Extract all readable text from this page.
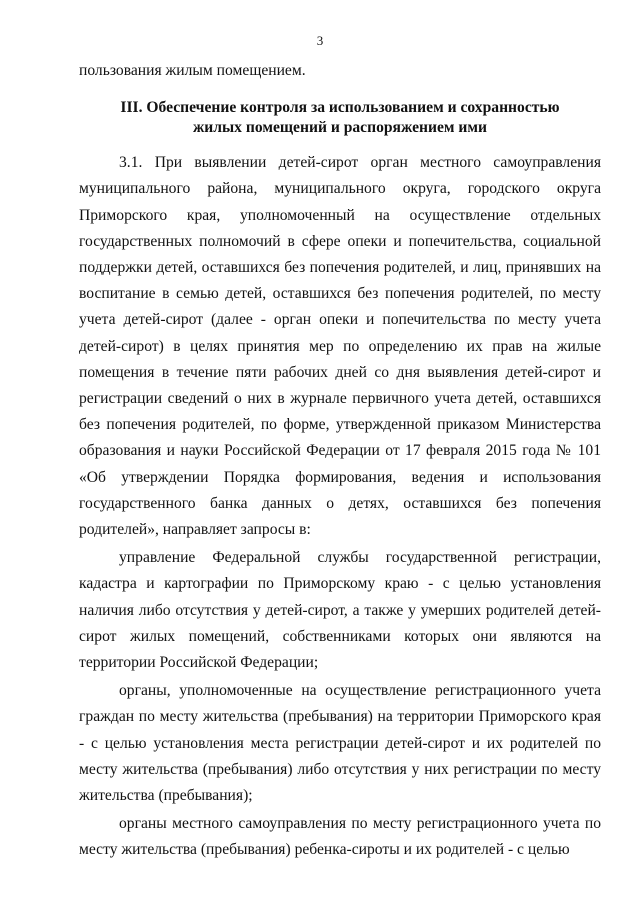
3

пользования жилым помещением.

III. Обеспечение контроля за использованием и сохранностью жилых помещений и распоряжением ими

3.1. При выявлении детей-сирот орган местного самоуправления муниципального района, муниципального округа, городского округа Приморского края, уполномоченный на осуществление отдельных государственных полномочий в сфере опеки и попечительства, социальной поддержки детей, оставшихся без попечения родителей, и лиц, принявших на воспитание в семью детей, оставшихся без попечения родителей, по месту учета детей-сирот (далее - орган опеки и попечительства по месту учета детей-сирот) в целях принятия мер по определению их прав на жилые помещения в течение пяти рабочих дней со дня выявления детей-сирот и регистрации сведений о них в журнале первичного учета детей, оставшихся без попечения родителей, по форме, утвержденной приказом Министерства образования и науки Российской Федерации от 17 февраля 2015 года № 101 «Об утверждении Порядка формирования, ведения и использования государственного банка данных о детях, оставшихся без попечения родителей», направляет запросы в:

управление Федеральной службы государственной регистрации, кадастра и картографии по Приморскому краю - с целью установления наличия либо отсутствия у детей-сирот, а также у умерших родителей детей-сирот жилых помещений, собственниками которых они являются на территории Российской Федерации;

органы, уполномоченные на осуществление регистрационного учета граждан по месту жительства (пребывания) на территории Приморского края - с целью установления места регистрации детей-сирот и их родителей по месту жительства (пребывания) либо отсутствия у них регистрации по месту жительства (пребывания);

органы местного самоуправления по месту регистрационного учета по месту жительства (пребывания) ребенка-сироты и их родителей - с целью
